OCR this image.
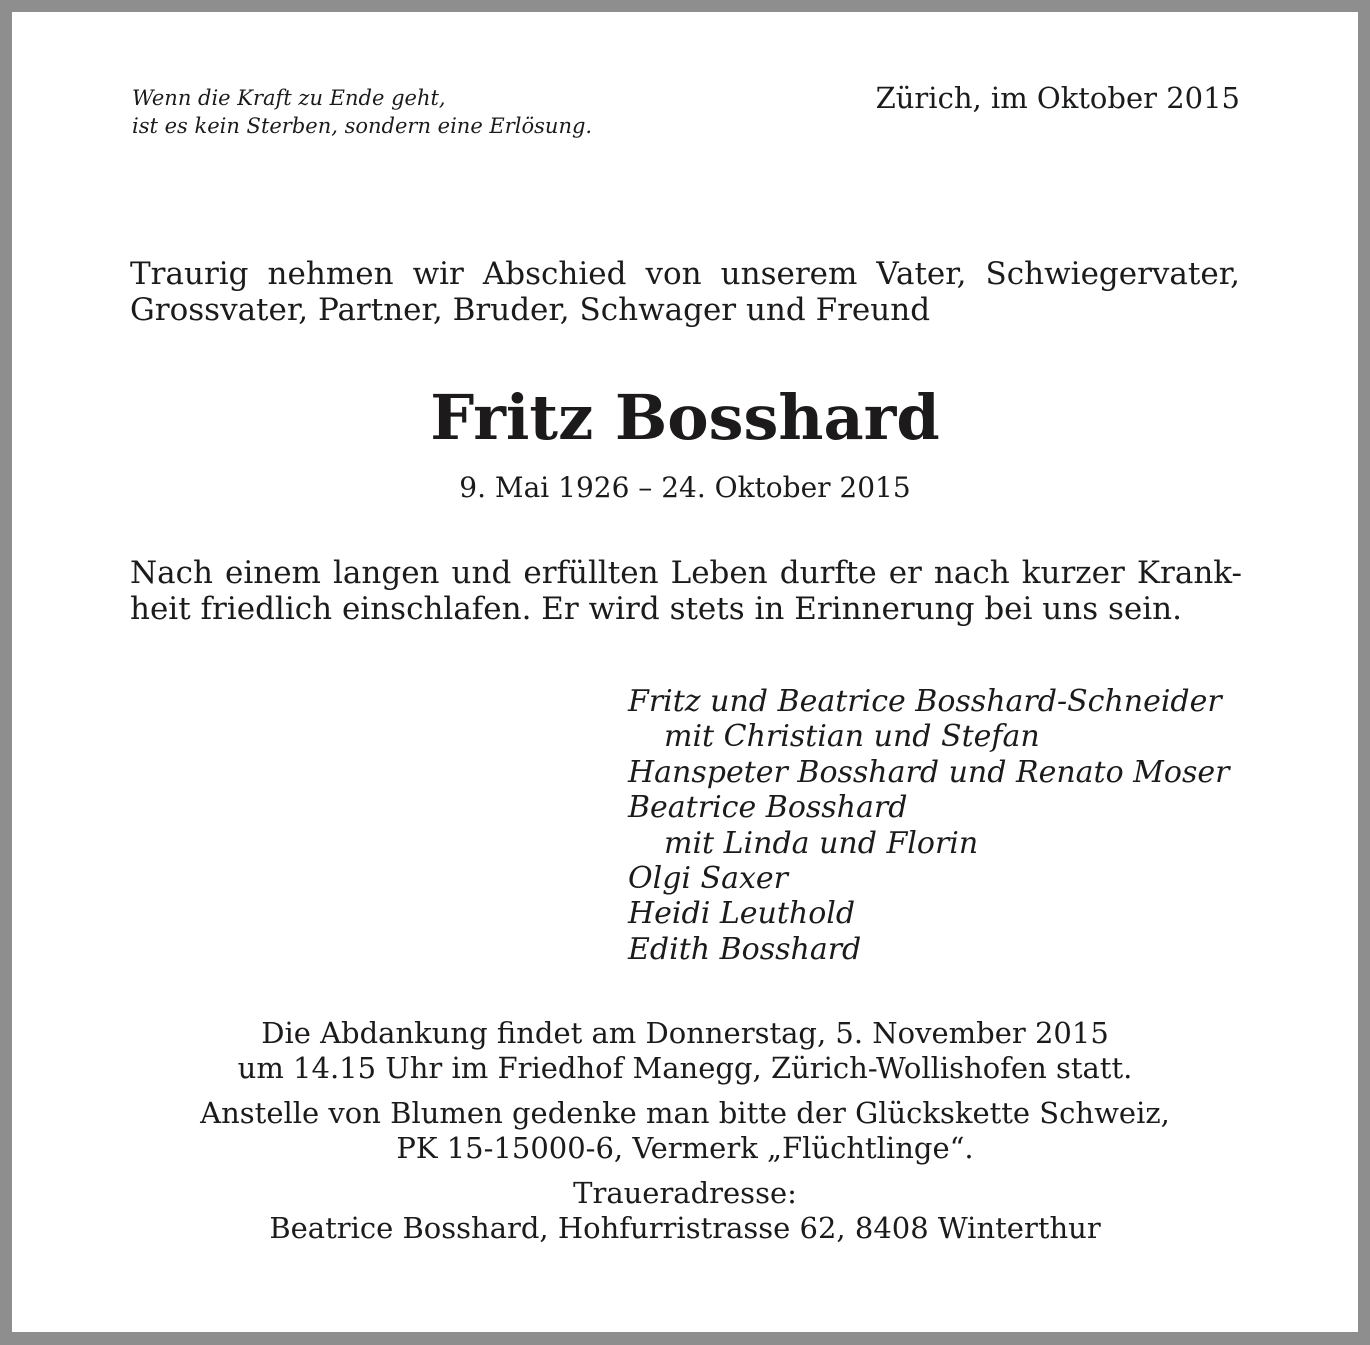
Wenn die Kraft zu Ende geht,
ist es kein Sterben, sondern eine Erlösung.
Zürich, im Oktober 2015
Traurig nehmen wir Abschied von unserem Vater, Schwiegervater,
Grossvater, Partner, Bruder, Schwager und Freund
Fritz Bosshard
9. Mai 1926 – 24. Oktober 2015
Nach einem langen und erfüllten Leben durfte er nach kurzer Krank-
heit friedlich einschlafen. Er wird stets in Erinnerung bei uns sein.
Fritz und Beatrice Bosshard-Schneider
mit Christian und Stefan
Hanspeter Bosshard und Renato Moser
Beatrice Bosshard
mit Linda und Florin
Olgi Saxer
Heidi Leuthold
Edith Bosshard
Die Abdankung findet am Donnerstag, 5. November 2015
um 14.15 Uhr im Friedhof Manegg, Zürich-Wollishofen statt.
Anstelle von Blumen gedenke man bitte der Glückskette Schweiz,
PK 15-15000-6, Vermerk „Flüchtlinge“.
Traueradresse:
Beatrice Bosshard, Hohfurristrasse 62, 8408 Winterthur
